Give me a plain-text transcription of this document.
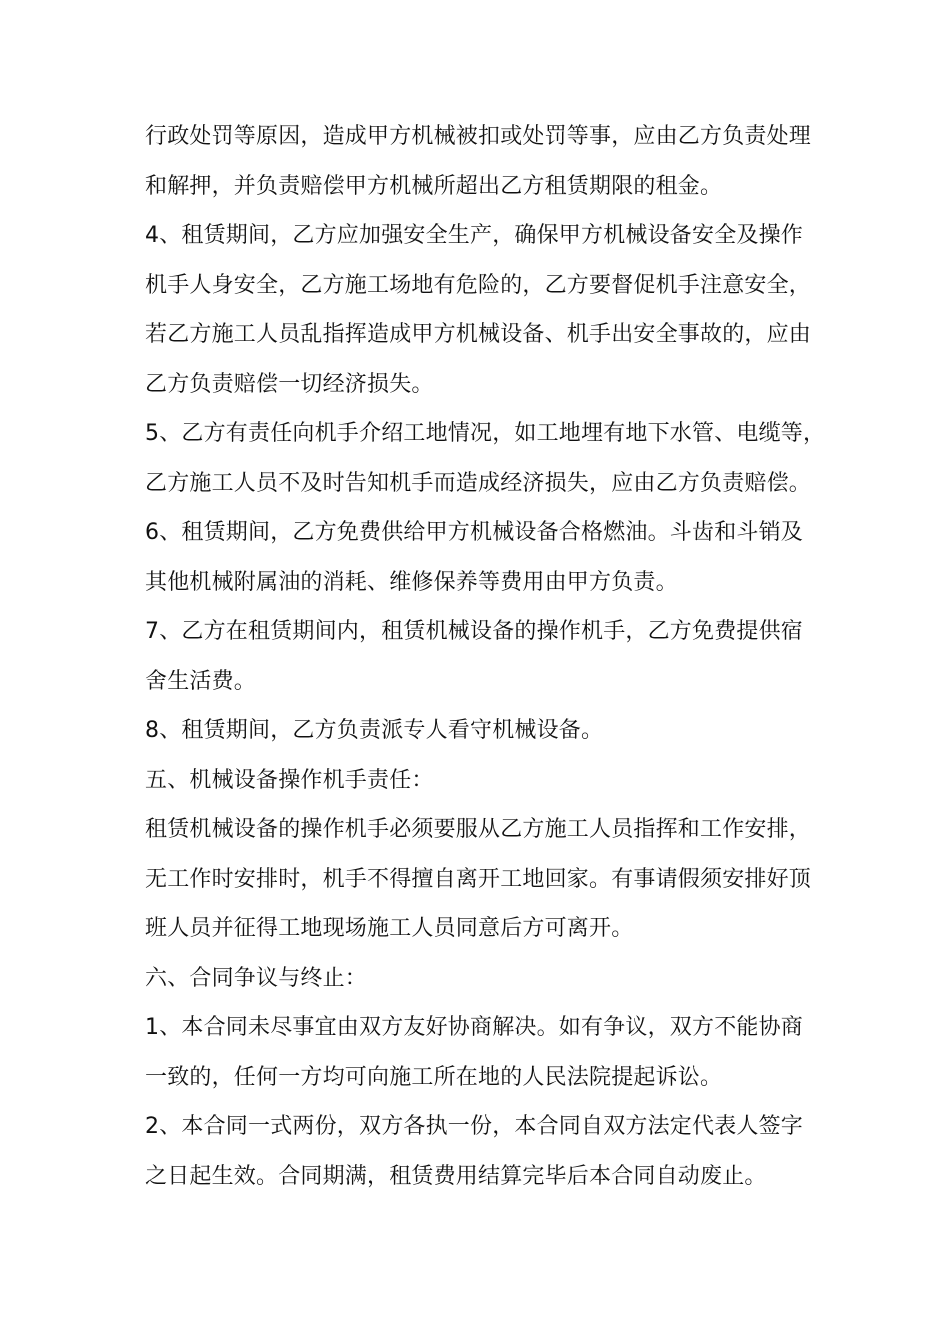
行政处罚等原因，造成甲方机械被扣或处罚等事，应由乙方负责处理
和解押，并负责赔偿甲方机械所超出乙方租赁期限的租金。
4、租赁期间，乙方应加强安全生产，确保甲方机械设备安全及操作
机手人身安全，乙方施工场地有危险的，乙方要督促机手注意安全，
若乙方施工人员乱指挥造成甲方机械设备、机手出安全事故的，应由
乙方负责赔偿一切经济损失。
5、乙方有责任向机手介绍工地情况，如工地埋有地下水管、电缆等，
乙方施工人员不及时告知机手而造成经济损失，应由乙方负责赔偿。
6、租赁期间，乙方免费供给甲方机械设备合格燃油。斗齿和斗销及
其他机械附属油的消耗、维修保养等费用由甲方负责。
7、乙方在租赁期间内，租赁机械设备的操作机手，乙方免费提供宿
舍生活费。
8、租赁期间，乙方负责派专人看守机械设备。
五、机械设备操作机手责任：
租赁机械设备的操作机手必须要服从乙方施工人员指挥和工作安排，
无工作时安排时，机手不得擅自离开工地回家。有事请假须安排好顶
班人员并征得工地现场施工人员同意后方可离开。
六、合同争议与终止：
1、本合同未尽事宜由双方友好协商解决。如有争议，双方不能协商
一致的，任何一方均可向施工所在地的人民法院提起诉讼。
2、本合同一式两份，双方各执一份，本合同自双方法定代表人签字
之日起生效。合同期满，租赁费用结算完毕后本合同自动废止。
